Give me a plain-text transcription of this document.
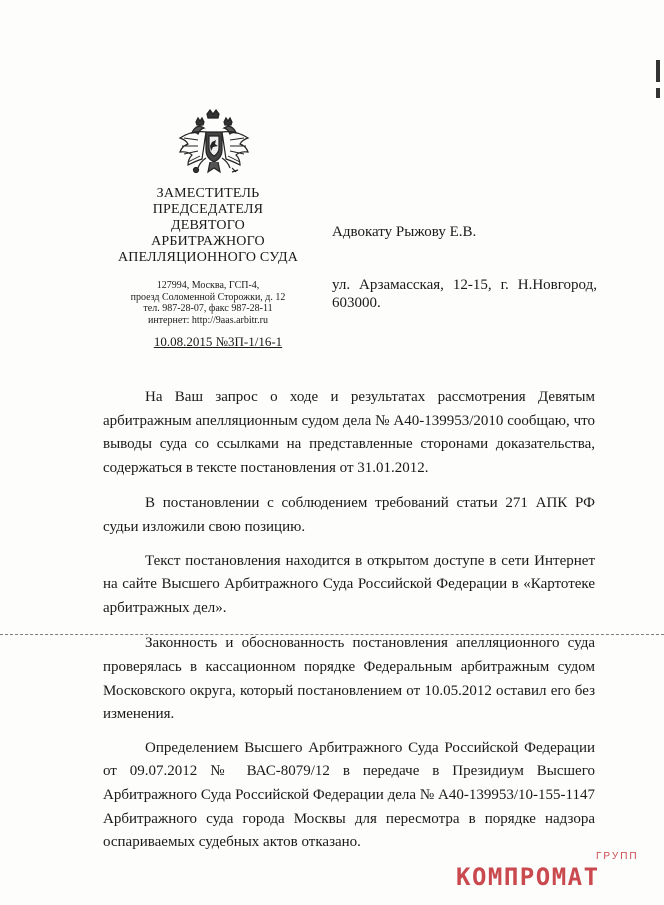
ЗАМЕСТИТЕЛЬ
ПРЕДСЕДАТЕЛЯ
ДЕВЯТОГО
АРБИТРАЖНОГО
АПЕЛЛЯЦИОННОГО СУДА
127994, Москва, ГСП-4,
проезд Соломенной Сторожки, д. 12
тел. 987-28-07, факс 987-28-11
интернет: http://9aas.arbitr.ru
10.08.2015 №3П-1/16-1
Адвокату Рыжову Е.В.
ул. Арзамасская, 12-15, г. Н.Новгород, 603000.

На Ваш запрос о ходе и результатах рассмотрения Девятым арбитражным апелляционным судом дела № А40-139953/2010 сообщаю, что выводы суда со ссылками на представленные сторонами доказательства, содержаться в тексте постановления от 31.01.2012.

В постановлении с соблюдением требований статьи 271 АПК РФ судьи изложили свою позицию.

Текст постановления находится в открытом доступе в сети Интернет на сайте Высшего Арбитражного Суда Российской Федерации в «Картотеке арбитражных дел».

Законность и обоснованность постановления апелляционного суда проверялась в кассационном порядке Федеральным арбитражным судом Московского округа, который постановлением от 10.05.2012 оставил его без изменения.

Определением Высшего Арбитражного Суда Российской Федерации от 09.07.2012 № ВАС-8079/12 в передаче в Президиум Высшего Арбитражного Суда Российской Федерации дела № А40-139953/10-155-1147 Арбитражного суда города Москвы для пересмотра в порядке надзора оспариваемых судебных актов отказано.

ГРУПП
КОМПРОМАТ
